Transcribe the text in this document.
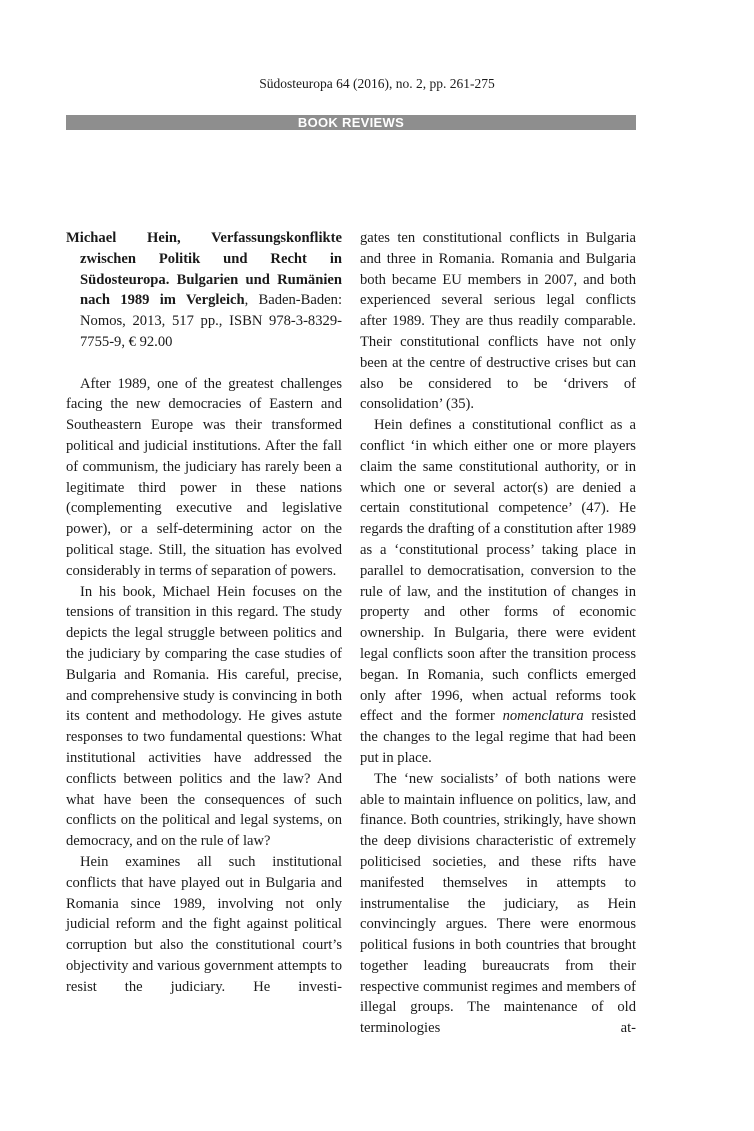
Südosteuropa 64 (2016), no. 2, pp. 261-275
BOOK REVIEWS

Michael Hein, Verfassungskonflikte zwischen Politik und Recht in Südosteuropa. Bulgarien und Rumänien nach 1989 im Vergleich, Baden-Baden: Nomos, 2013, 517 pp., ISBN 978-3-8329-7755-9, € 92.00

After 1989, one of the greatest challenges facing the new democracies of Eastern and Southeastern Europe was their transformed political and judicial institutions. After the fall of communism, the judiciary has rarely been a legitimate third power in these nations (complementing executive and legislative power), or a self-determining actor on the political stage. Still, the situation has evolved considerably in terms of separation of powers.

In his book, Michael Hein focuses on the tensions of transition in this regard. The study depicts the legal struggle between politics and the judiciary by comparing the case studies of Bulgaria and Romania. His careful, precise, and comprehensive study is convincing in both its content and methodology. He gives astute responses to two fundamental questions: What institutional activities have addressed the conflicts between politics and the law? And what have been the consequences of such conflicts on the political and legal systems, on democracy, and on the rule of law?

Hein examines all such institutional conflicts that have played out in Bulgaria and Romania since 1989, involving not only judicial reform and the fight against political corruption but also the constitutional court’s objectivity and various government attempts to resist the judiciary. He investi-

gates ten constitutional conflicts in Bulgaria and three in Romania. Romania and Bulgaria both became EU members in 2007, and both experienced several serious legal conflicts after 1989. They are thus readily comparable. Their constitutional conflicts have not only been at the centre of destructive crises but can also be considered to be ‘drivers of consolidation’ (35).

Hein defines a constitutional conflict as a conflict ‘in which either one or more players claim the same constitutional authority, or in which one or several actor(s) are denied a certain constitutional competence’ (47). He regards the drafting of a constitution after 1989 as a ‘constitutional process’ taking place in parallel to democratisation, conversion to the rule of law, and the institution of changes in property and other forms of economic ownership. In Bulgaria, there were evident legal conflicts soon after the transition process began. In Romania, such conflicts emerged only after 1996, when actual reforms took effect and the former nomenclatura resisted the changes to the legal regime that had been put in place.

The ‘new socialists’ of both nations were able to maintain influence on politics, law, and finance. Both countries, strikingly, have shown the deep divisions characteristic of extremely politicised societies, and these rifts have manifested themselves in attempts to instrumentalise the judiciary, as Hein convincingly argues. There were enormous political fusions in both countries that brought together leading bureaucrats from their respective communist regimes and members of illegal groups. The maintenance of old terminologies at-
